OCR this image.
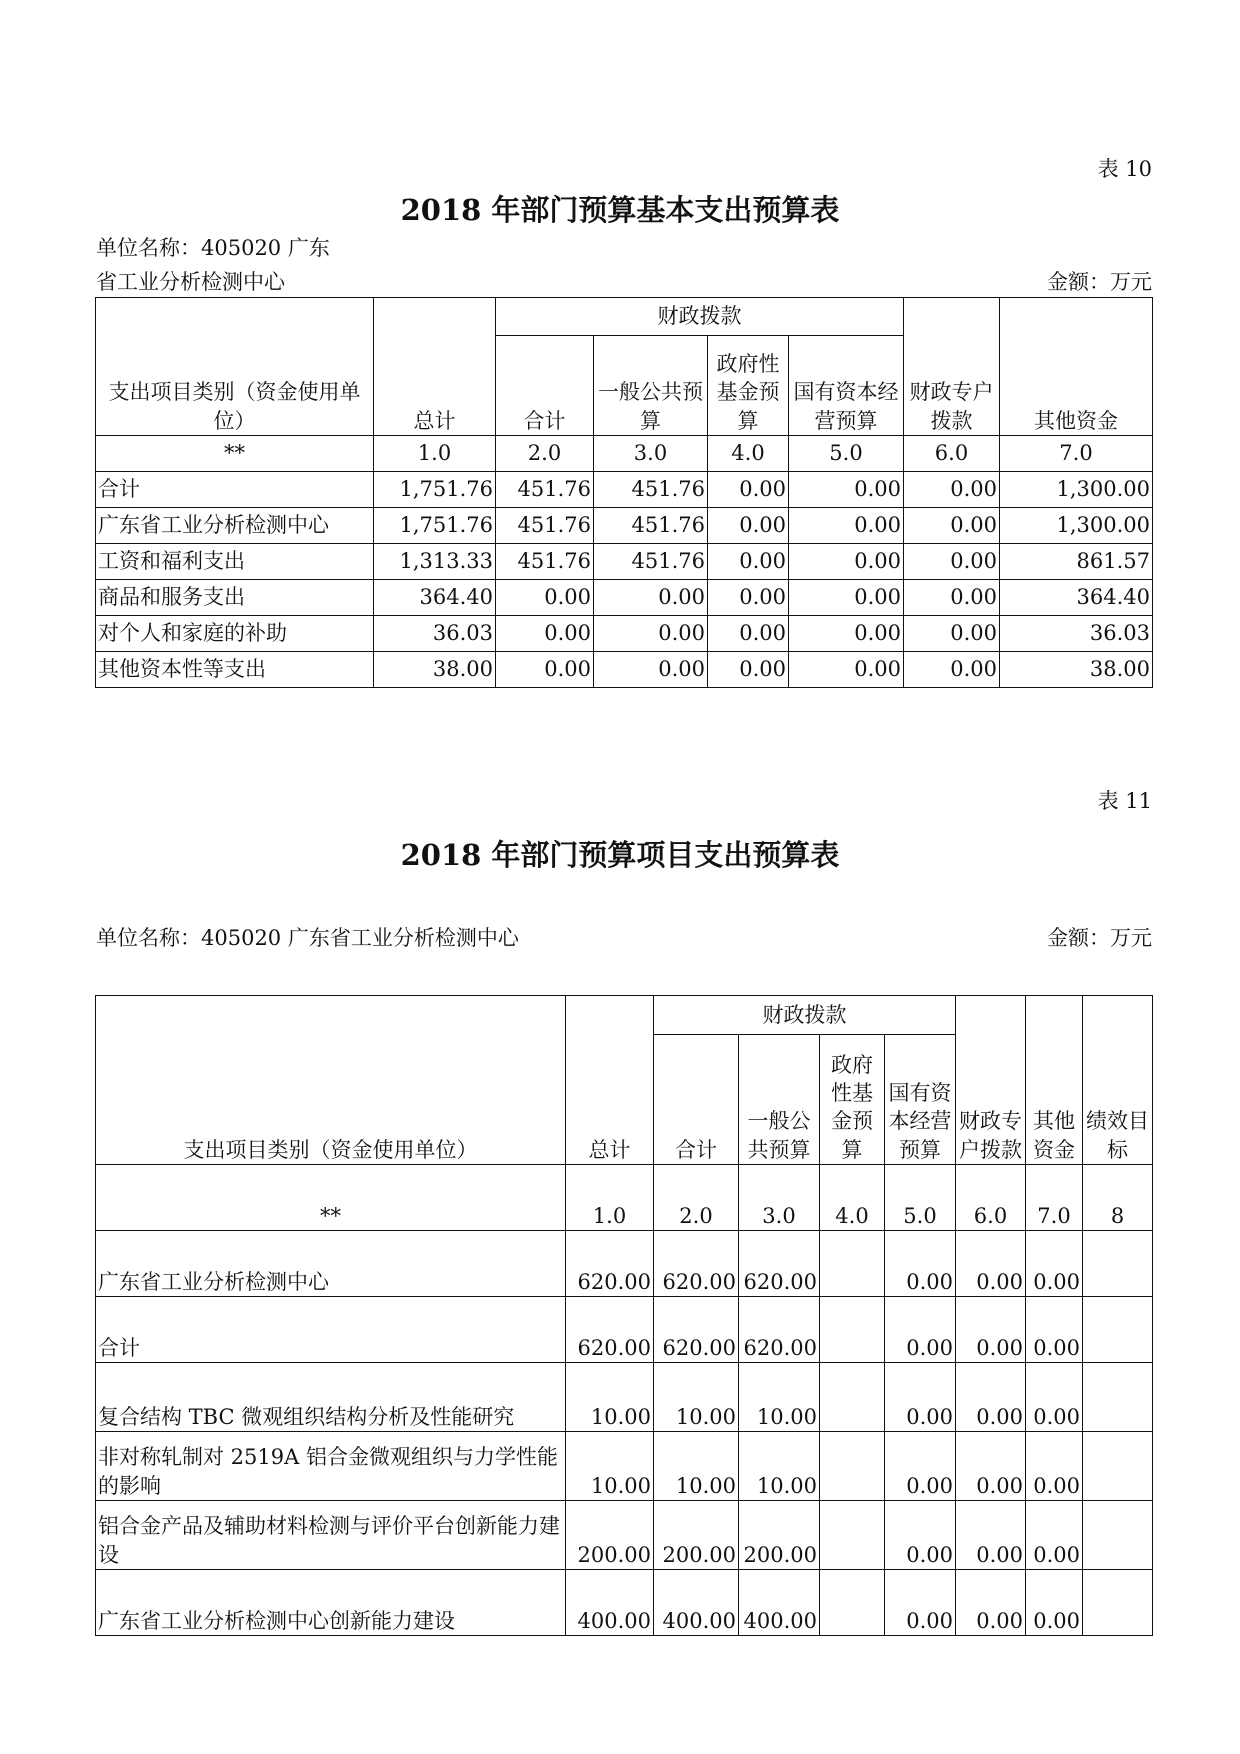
表 10
2018 年部门预算基本支出预算表
单位名称：405020 广东
省工业分析检测中心	金额：万元
支出项目类别（资金使用单位）	总计	财政拨款				财政专户拨款	其他资金
		合计	一般公共预算	政府性基金预算	国有资本经营预算		
**	1.0	2.0	3.0	4.0	5.0	6.0	7.0
合计	1,751.76	451.76	451.76	0.00	0.00	0.00	1,300.00
广东省工业分析检测中心	1,751.76	451.76	451.76	0.00	0.00	0.00	1,300.00
工资和福利支出	1,313.33	451.76	451.76	0.00	0.00	0.00	861.57
商品和服务支出	364.40	0.00	0.00	0.00	0.00	0.00	364.40
对个人和家庭的补助	36.03	0.00	0.00	0.00	0.00	0.00	36.03
其他资本性等支出	38.00	0.00	0.00	0.00	0.00	0.00	38.00
表 11
2018 年部门预算项目支出预算表
单位名称：405020 广东省工业分析检测中心	金额：万元
支出项目类别（资金使用单位）	总计	财政拨款				财政专户拨款	其他资金	绩效目标
		合计	一般公共预算	政府性基金预算	国有资本经营预算			
**	1.0	2.0	3.0	4.0	5.0	6.0	7.0	8
广东省工业分析检测中心	620.00	620.00	620.00		0.00	0.00	0.00	
合计	620.00	620.00	620.00		0.00	0.00	0.00	
复合结构 TBC 微观组织结构分析及性能研究	10.00	10.00	10.00		0.00	0.00	0.00	
非对称轧制对 2519A 铝合金微观组织与力学性能的影响	10.00	10.00	10.00		0.00	0.00	0.00	
铝合金产品及辅助材料检测与评价平台创新能力建设	200.00	200.00	200.00		0.00	0.00	0.00	
广东省工业分析检测中心创新能力建设	400.00	400.00	400.00		0.00	0.00	0.00	
